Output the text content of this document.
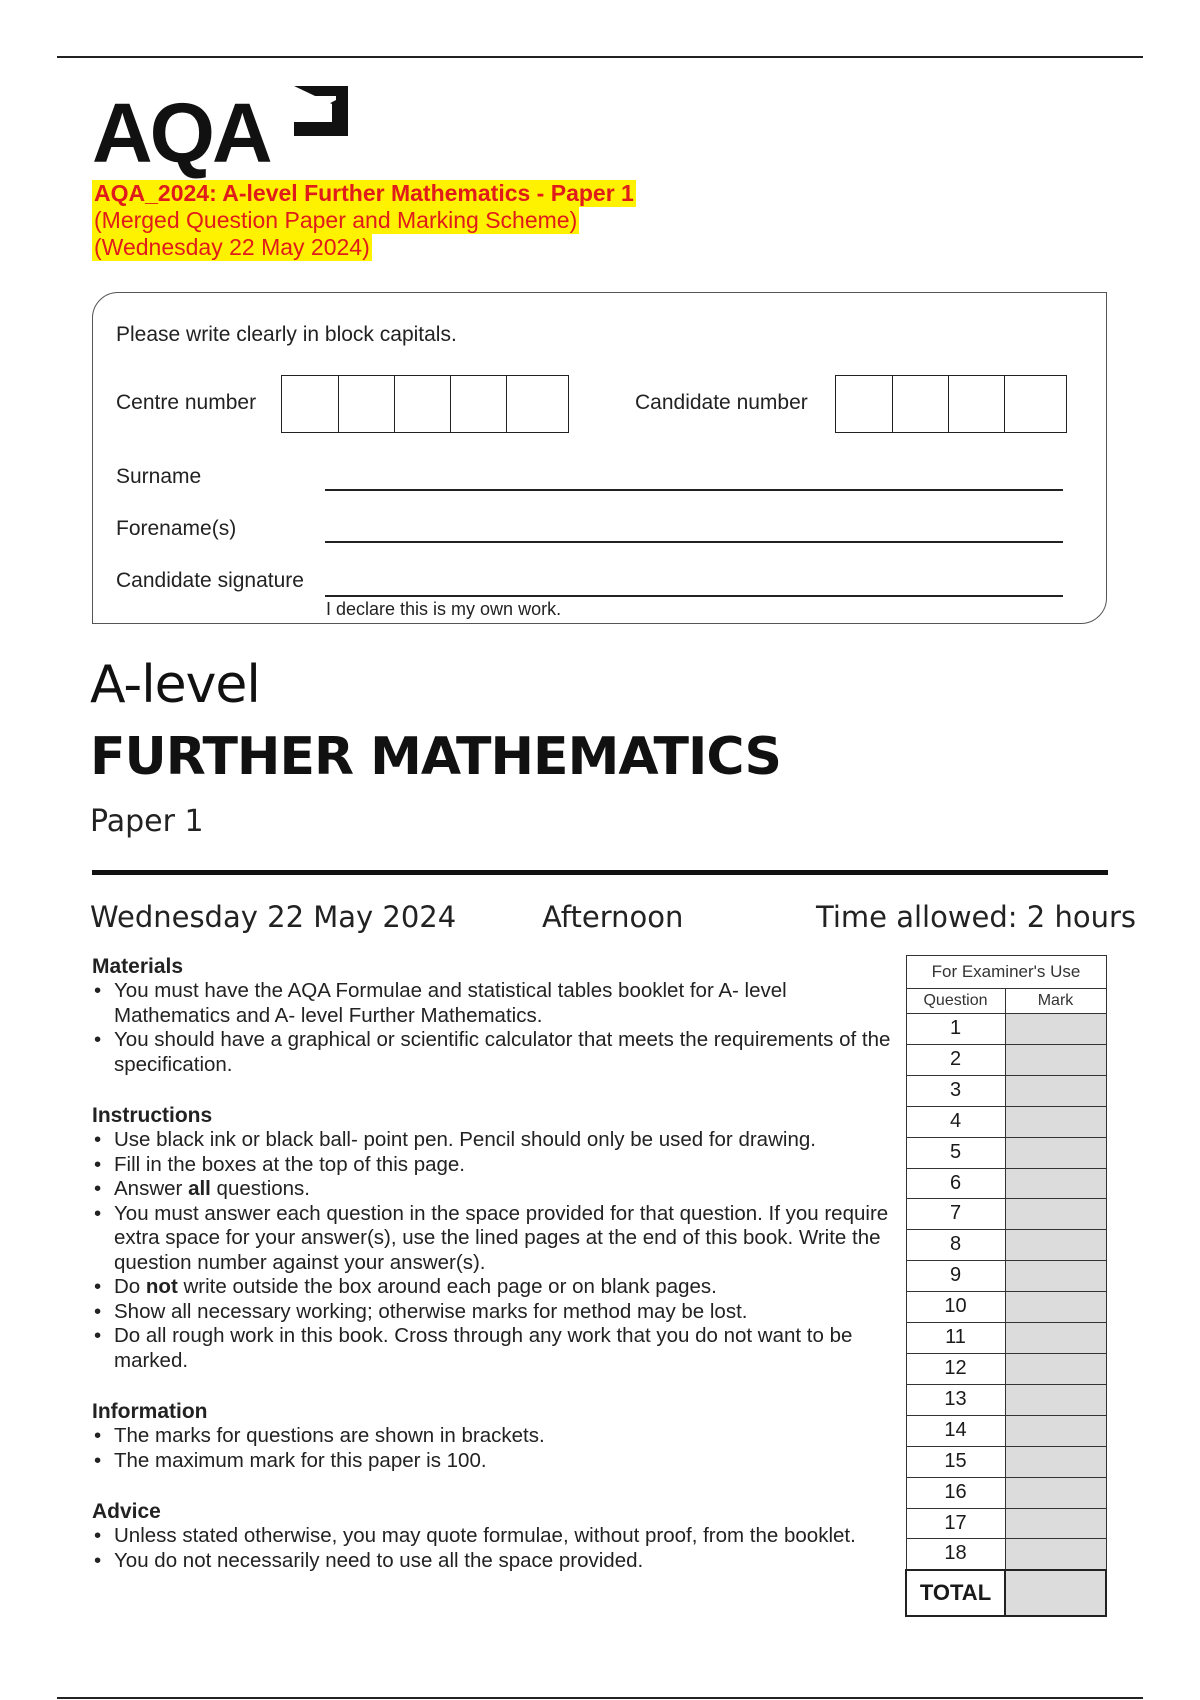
AQA
AQA_2024: A-level Further Mathematics - Paper 1
(Merged Question Paper and Marking Scheme)
(Wednesday 22 May 2024)
Please write clearly in block capitals.
Centre number	Candidate number
Surname
Forename(s)
Candidate signature
I declare this is my own work.
A-level
FURTHER MATHEMATICS
Paper 1
Wednesday 22 May 2024	Afternoon	Time allowed: 2 hours
Materials
• You must have the AQA Formulae and statistical tables booklet for A‑ level Mathematics and A‑ level Further Mathematics.
• You should have a graphical or scientific calculator that meets the requirements of the specification.
Instructions
• Use black ink or black ball‑ point pen. Pencil should only be used for drawing.
• Fill in the boxes at the top of this page.
• Answer all questions.
• You must answer each question in the space provided for that question. If you require extra space for your answer(s), use the lined pages at the end of this book. Write the question number against your answer(s).
• Do not write outside the box around each page or on blank pages.
• Show all necessary working; otherwise marks for method may be lost.
• Do all rough work in this book. Cross through any work that you do not want to be marked.
Information
• The marks for questions are shown in brackets.
• The maximum mark for this paper is 100.
Advice
• Unless stated otherwise, you may quote formulae, without proof, from the booklet.
• You do not necessarily need to use all the space provided.
For Examiner's Use	
Question	Mark
1	
2	
3	
4	
5	
6	
7	
8	
9	
10	
11	
12	
13	
14	
15	
16	
17	
18	
TOTAL	
